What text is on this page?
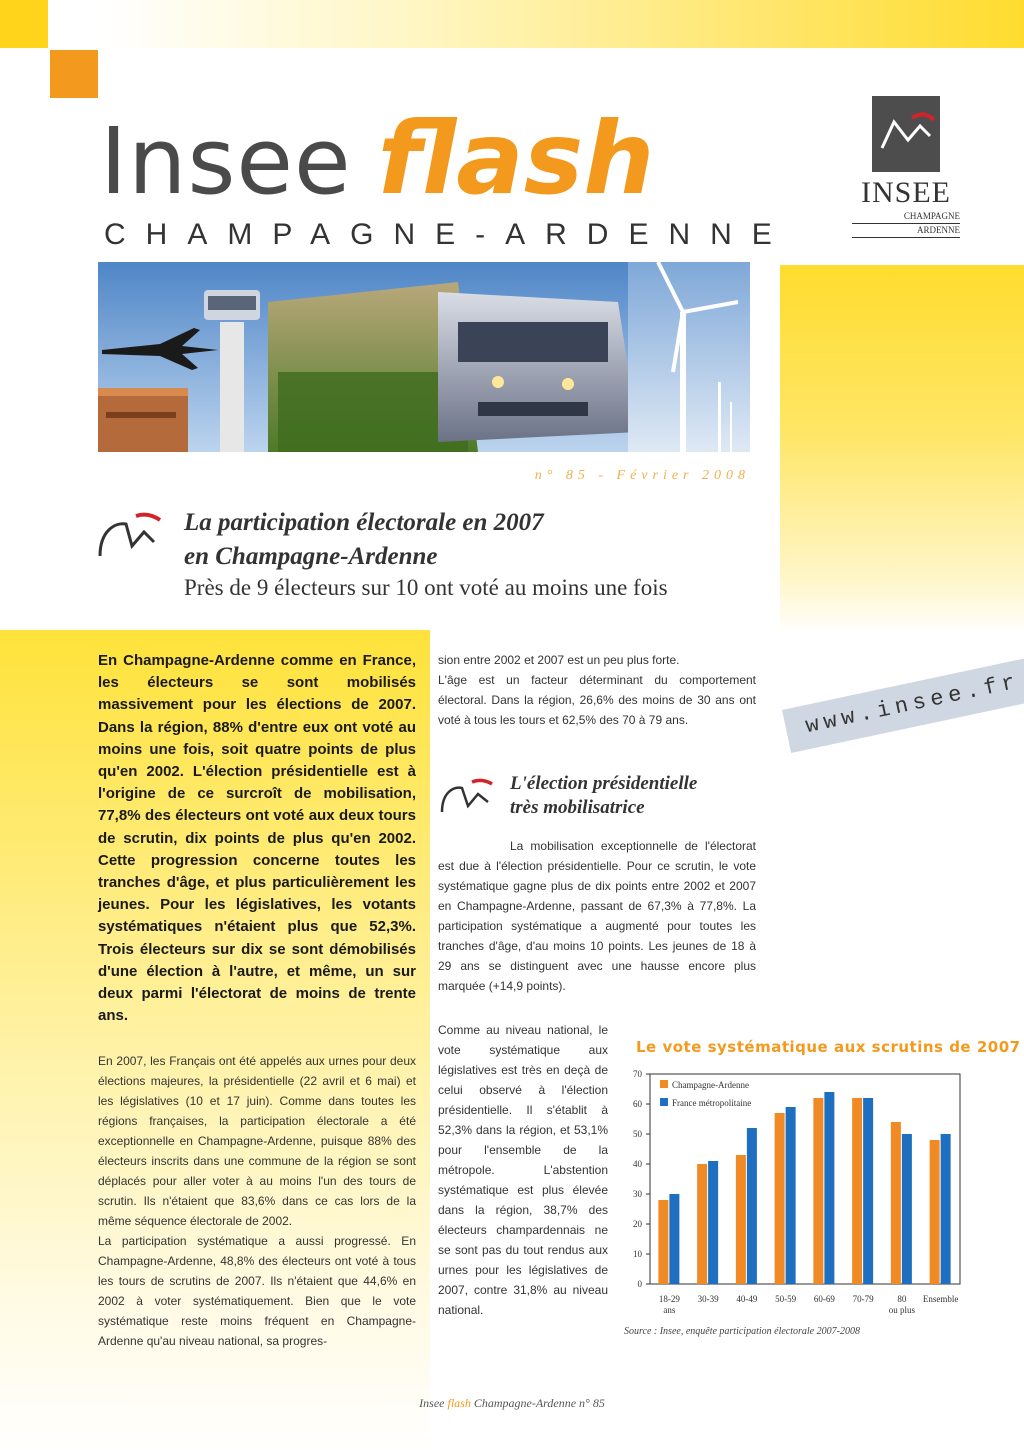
Insee flash
CHAMPAGNE-ARDENNE
INSEE
CHAMPAGNE
ARDENNE
n° 85 - Février 2008
La participation électorale en 2007
en Champagne-Ardenne
Près de 9 électeurs sur 10 ont voté au moins une fois
www.insee.fr

En Champagne-Ardenne comme en France, les électeurs se sont mobilisés massivement pour les élections de 2007. Dans la région, 88% d'entre eux ont voté au moins une fois, soit quatre points de plus qu'en 2002. L'élection présidentielle est à l'origine de ce surcroît de mobilisation, 77,8% des électeurs ont voté aux deux tours de scrutin, dix points de plus qu'en 2002. Cette progression concerne toutes les tranches d'âge, et plus particulièrement les jeunes. Pour les législatives, les votants systématiques n'étaient plus que 52,3%. Trois électeurs sur dix se sont démobilisés d'une élection à l'autre, et même, un sur deux parmi l'électorat de moins de trente ans.

En 2007, les Français ont été appelés aux urnes pour deux élections majeures, la présidentielle (22 avril et 6 mai) et les législatives (10 et 17 juin). Comme dans toutes les régions françaises, la participation électorale a été exceptionnelle en Champagne-Ardenne, puisque 88% des électeurs inscrits dans une commune de la région se sont déplacés pour aller voter à au moins l'un des tours de scrutin. Ils n'étaient que 83,6% dans ce cas lors de la même séquence électorale de 2002.

La participation systématique a aussi progressé. En Champagne-Ardenne, 48,8% des électeurs ont voté à tous les tours de scrutins de 2007. Ils n'étaient que 44,6% en 2002 à voter systématiquement. Bien que le vote systématique reste moins fréquent en Champagne- Ardenne qu'au niveau national, sa progres-

sion entre 2002 et 2007 est un peu plus forte.

L'âge est un facteur déterminant du comportement électoral. Dans la région, 26,6% des moins de 30 ans ont voté à tous les tours et 62,5% des 70 à 79 ans.

L'élection présidentielle
très mobilisatrice

La mobilisation exceptionnelle de l'électorat est due à l'élection présidentielle. Pour ce scrutin, le vote systématique gagne plus de dix points entre 2002 et 2007 en Champagne-Ardenne, passant de 67,3% à 77,8%. La participation systématique a augmenté pour toutes les tranches d'âge, d'au moins 10 points. Les jeunes de 18 à 29 ans se distinguent avec une hausse encore plus marquée (+14,9 points).

Comme au niveau national, le vote systématique aux législatives est très en deçà de celui observé à l'élection présidentielle. Il s'établit à 52,3% dans la région, et 53,1% pour l'ensemble de la métropole. L'abstention systématique est plus élevée dans la région, 38,7% des électeurs champardennais ne se sont pas du tout rendus aux urnes pour les législatives de 2007, contre 31,8% au niveau national.

Le vote systématique aux scrutins de 2007
0
10
20
30
40
50
60
70
18-29
ans
30-39 40-49 50-59 60-69 70-79	80
ou plus
Ensemble
Champagne-Ardenne
France métropolitaine
Source : Insee, enquête participation électorale 2007-2008
Insee flash Champagne-Ardenne n° 85
